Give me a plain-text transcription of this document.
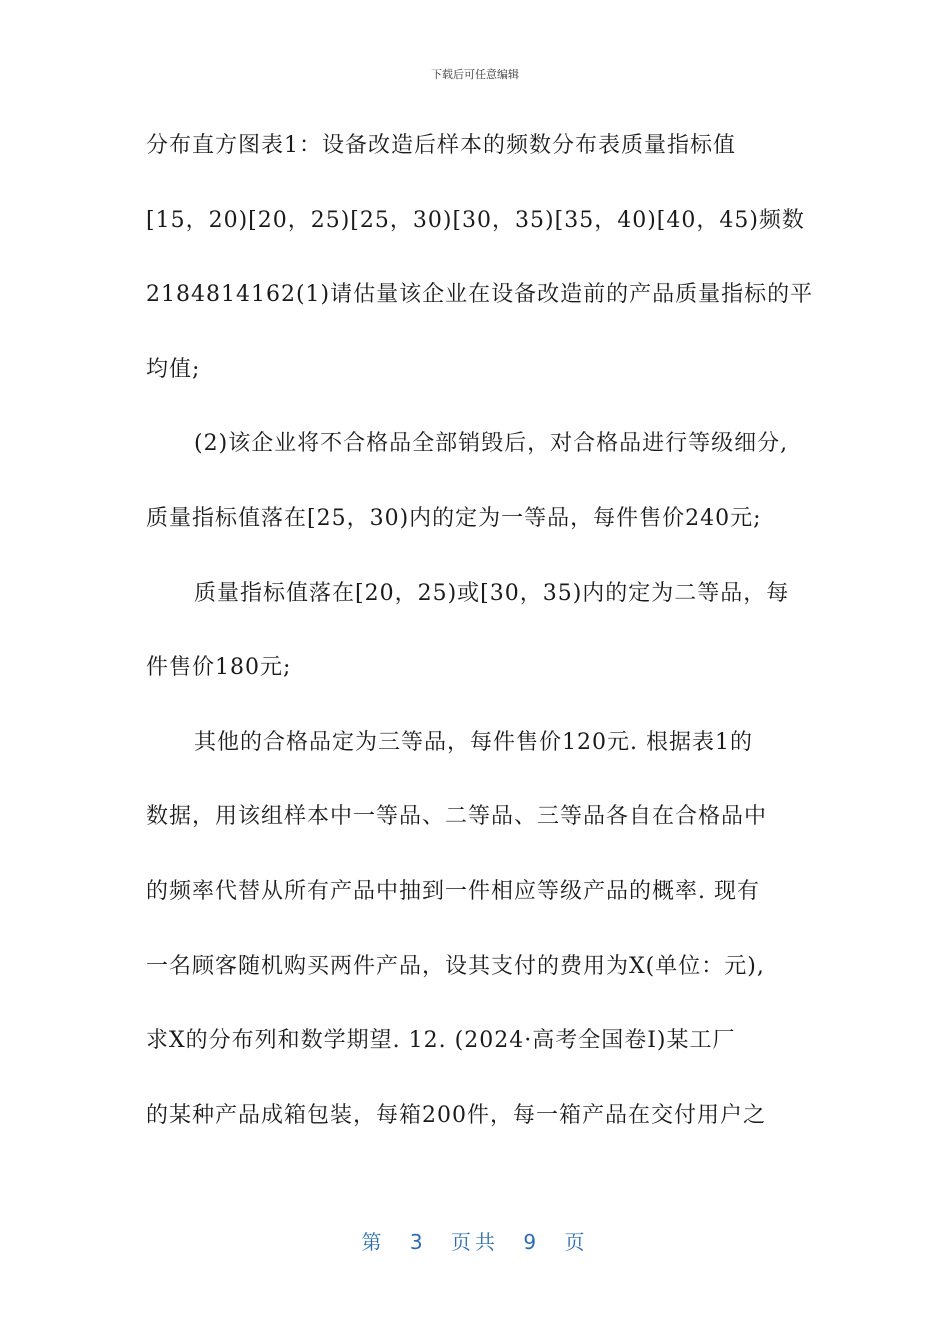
下载后可任意编辑
分布直方图表1：设备改造后样本的频数分布表质量指标值
[15，20)[20，25)[25，30)[30，35)[35，40)[40，45)频数
2184814162(1)请估量该企业在设备改造前的产品质量指标的平
均值;
(2)该企业将不合格品全部销毁后，对合格品进行等级细分,
质量指标值落在[25，30)内的定为一等品，每件售价240元;
质量指标值落在[20，25)或[30，35)内的定为二等品，每
件售价180元;
其他的合格品定为三等品，每件售价120元. 根据表1的
数据，用该组样本中一等品、二等品、三等品各自在合格品中
的频率代替从所有产品中抽到一件相应等级产品的概率. 现有
一名顾客随机购买两件产品，设其支付的费用为X(单位：元),
求X的分布列和数学期望. 12. (2024·高考全国卷Ⅰ)某工厂
的某种产品成箱包装，每箱200件，每一箱产品在交付用户之
第 3 页共 9 页
